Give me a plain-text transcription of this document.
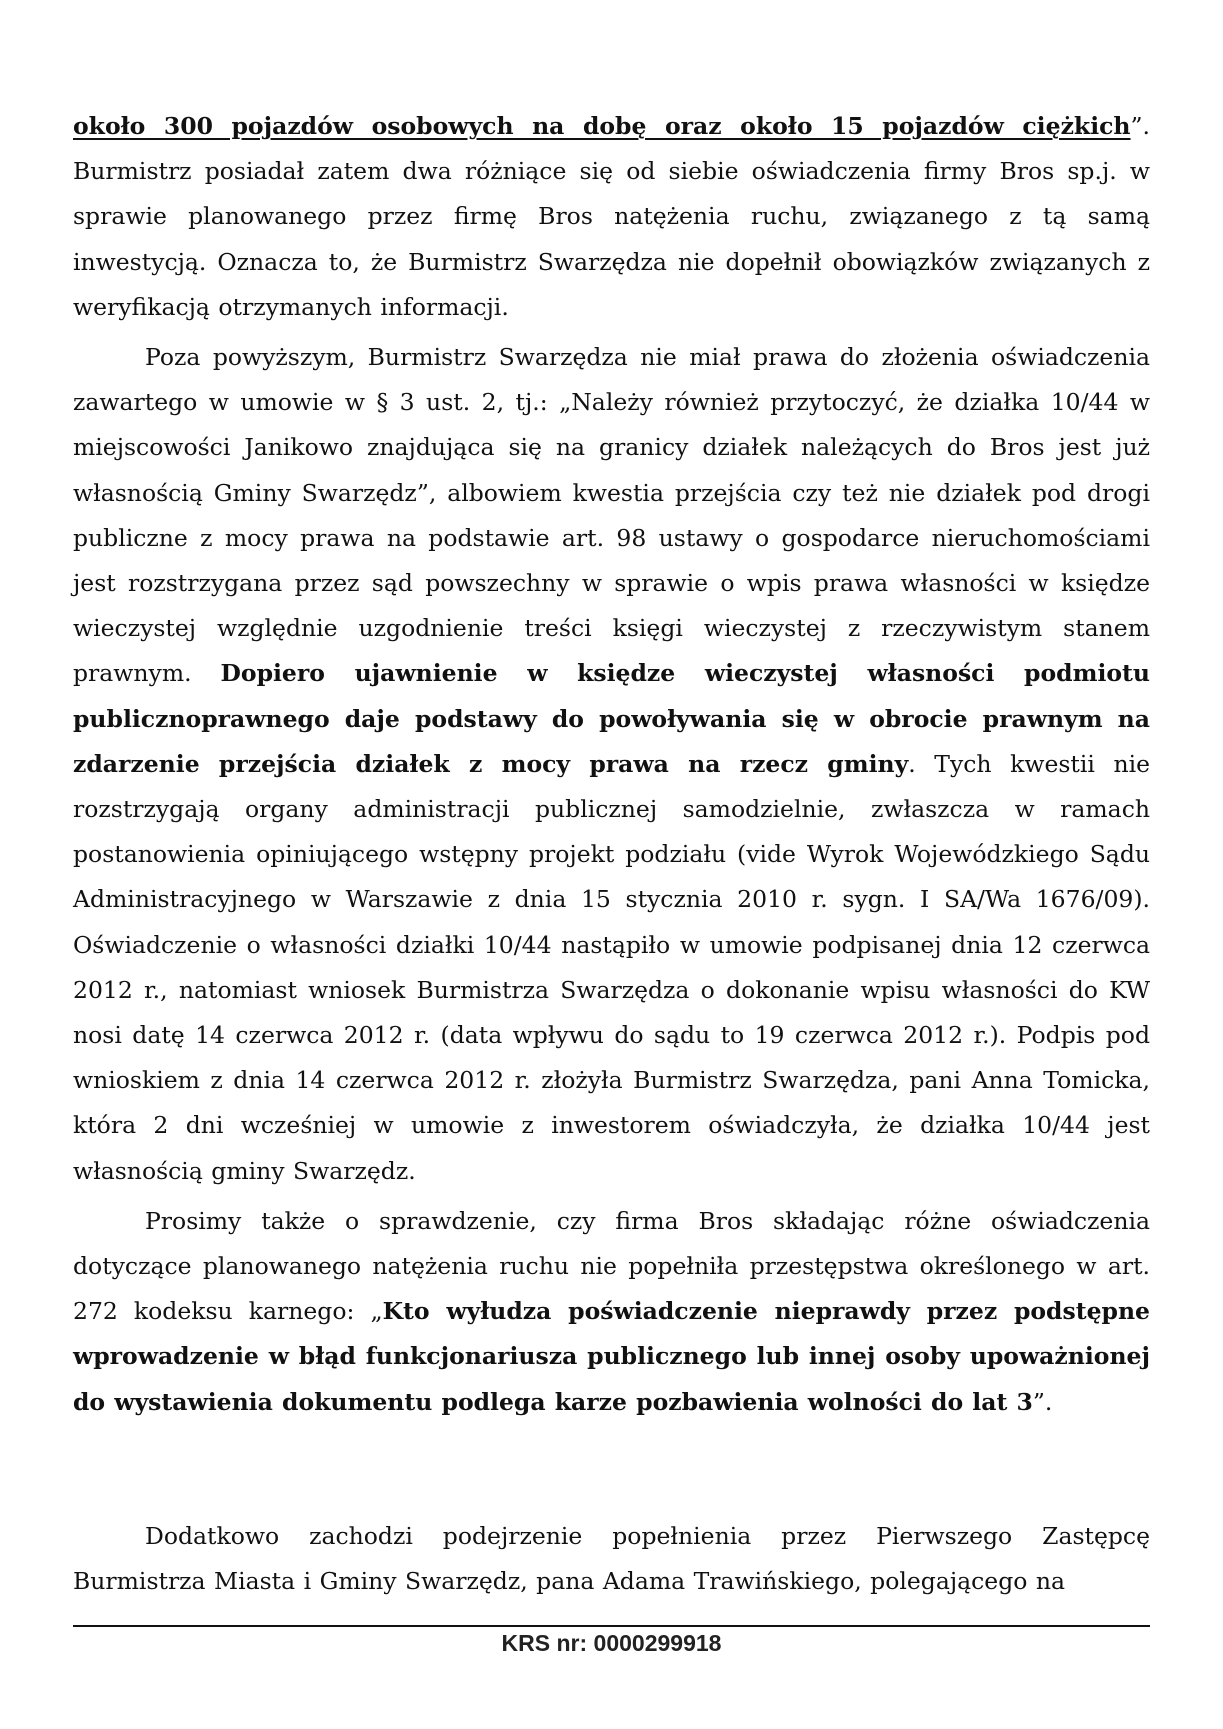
około 300 pojazdów osobowych na dobę oraz około 15 pojazdów ciężkich”. Burmistrz posiadał zatem dwa różniące się od siebie oświadczenia firmy Bros sp.j. w sprawie planowanego przez firmę Bros natężenia ruchu, związanego z tą samą inwestycją. Oznacza to, że Burmistrz Swarzędza nie dopełnił obowiązków związanych z weryfikacją otrzymanych informacji.

Poza powyższym, Burmistrz Swarzędza nie miał prawa do złożenia oświadczenia zawartego w umowie w § 3 ust. 2, tj.: „Należy również przytoczyć, że działka 10/44 w miejscowości Janikowo znajdująca się na granicy działek należących do Bros jest już własnością Gminy Swarzędz”, albowiem kwestia przejścia czy też nie działek pod drogi publiczne z mocy prawa na podstawie art. 98 ustawy o gospodarce nieruchomościami jest rozstrzygana przez sąd powszechny w sprawie o wpis prawa własności w księdze wieczystej względnie uzgodnienie treści księgi wieczystej z rzeczywistym stanem prawnym. Dopiero ujawnienie w księdze wieczystej własności podmiotu publicznoprawnego daje podstawy do powoływania się w obrocie prawnym na zdarzenie przejścia działek z mocy prawa na rzecz gminy. Tych kwestii nie rozstrzygają organy administracji publicznej samodzielnie, zwłaszcza w ramach postanowienia opiniującego wstępny projekt podziału (vide Wyrok Wojewódzkiego Sądu Administracyjnego w Warszawie z dnia 15 stycznia 2010 r. sygn. I SA/Wa 1676/09). Oświadczenie o własności działki 10/44 nastąpiło w umowie podpisanej dnia 12 czerwca 2012 r., natomiast wniosek Burmistrza Swarzędza o dokonanie wpisu własności do KW nosi datę 14 czerwca 2012 r. (data wpływu do sądu to 19 czerwca 2012 r.). Podpis pod wnioskiem z dnia 14 czerwca 2012 r. złożyła Burmistrz Swarzędza, pani Anna Tomicka, która 2 dni wcześniej w umowie z inwestorem oświadczyła, że działka 10/44 jest własnością gminy Swarzędz.

Prosimy także o sprawdzenie, czy firma Bros składając różne oświadczenia dotyczące planowanego natężenia ruchu nie popełniła przestępstwa określonego w art. 272 kodeksu karnego: „Kto wyłudza poświadczenie nieprawdy przez podstępne wprowadzenie w błąd funkcjonariusza publicznego lub innej osoby upoważnionej do wystawienia dokumentu podlega karze pozbawienia wolności do lat 3”.

Dodatkowo zachodzi podejrzenie popełnienia przez Pierwszego Zastępcę Burmistrza Miasta i Gminy Swarzędz, pana Adama Trawińskiego, polegającego na

KRS nr: 0000299918
